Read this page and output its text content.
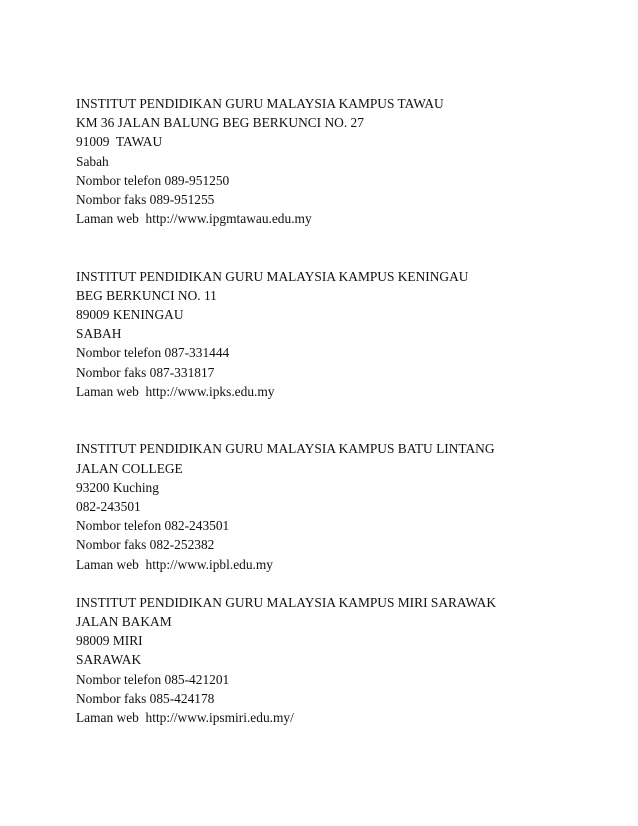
INSTITUT PENDIDIKAN GURU MALAYSIA KAMPUS TAWAU
KM 36 JALAN BALUNG BEG BERKUNCI NO. 27
91009  TAWAU
Sabah
Nombor telefon 089-951250
Nombor faks 089-951255
Laman web  http://www.ipgmtawau.edu.my
INSTITUT PENDIDIKAN GURU MALAYSIA KAMPUS KENINGAU
BEG BERKUNCI NO. 11
89009 KENINGAU
SABAH
Nombor telefon 087-331444
Nombor faks 087-331817
Laman web  http://www.ipks.edu.my
INSTITUT PENDIDIKAN GURU MALAYSIA KAMPUS BATU LINTANG
JALAN COLLEGE
93200 Kuching
082-243501
Nombor telefon 082-243501
Nombor faks 082-252382
Laman web  http://www.ipbl.edu.my
INSTITUT PENDIDIKAN GURU MALAYSIA KAMPUS MIRI SARAWAK
JALAN BAKAM
98009 MIRI
SARAWAK
Nombor telefon 085-421201
Nombor faks 085-424178
Laman web  http://www.ipsmiri.edu.my/
